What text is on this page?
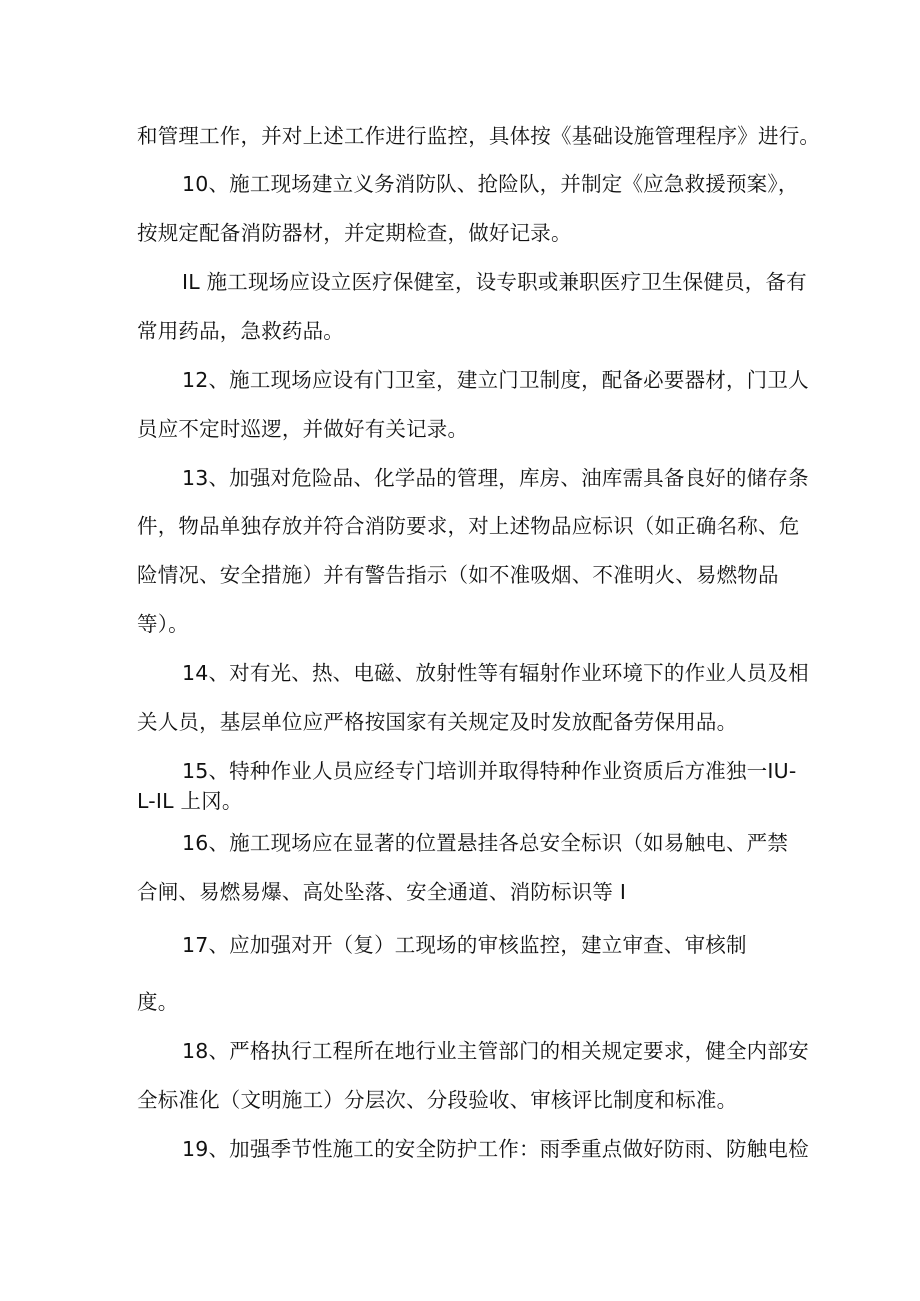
和管理工作，并对上述工作进行监控，具体按《基础设施管理程序》进行。
10、施工现场建立义务消防队、抢险队，并制定《应急救援预案》，
按规定配备消防器材，并定期检查，做好记录。
IL 施工现场应设立医疗保健室，设专职或兼职医疗卫生保健员，备有
常用药品，急救药品。
12、施工现场应设有门卫室，建立门卫制度，配备必要器材，门卫人
员应不定时巡逻，并做好有关记录。
13、加强对危险品、化学品的管理，库房、油库需具备良好的储存条
件，物品单独存放并符合消防要求，对上述物品应标识（如正确名称、危
险情况、安全措施）并有警告指示（如不准吸烟、不准明火、易燃物品
等）。
14、对有光、热、电磁、放射性等有辐射作业环境下的作业人员及相
关人员，基层单位应严格按国家有关规定及时发放配备劳保用品。
15、特种作业人员应经专门培训并取得特种作业资质后方准独一IU-
L-IL 上冈。
16、施工现场应在显著的位置悬挂各总安全标识（如易触电、严禁
合闸、易燃易爆、高处坠落、安全通道、消防标识等 I
17、应加强对开（复）工现场的审核监控，建立审查、审核制
度。
18、严格执行工程所在地行业主管部门的相关规定要求，健全内部安
全标准化（文明施工）分层次、分段验收、审核评比制度和标准。
19、加强季节性施工的安全防护工作：雨季重点做好防雨、防触电检
